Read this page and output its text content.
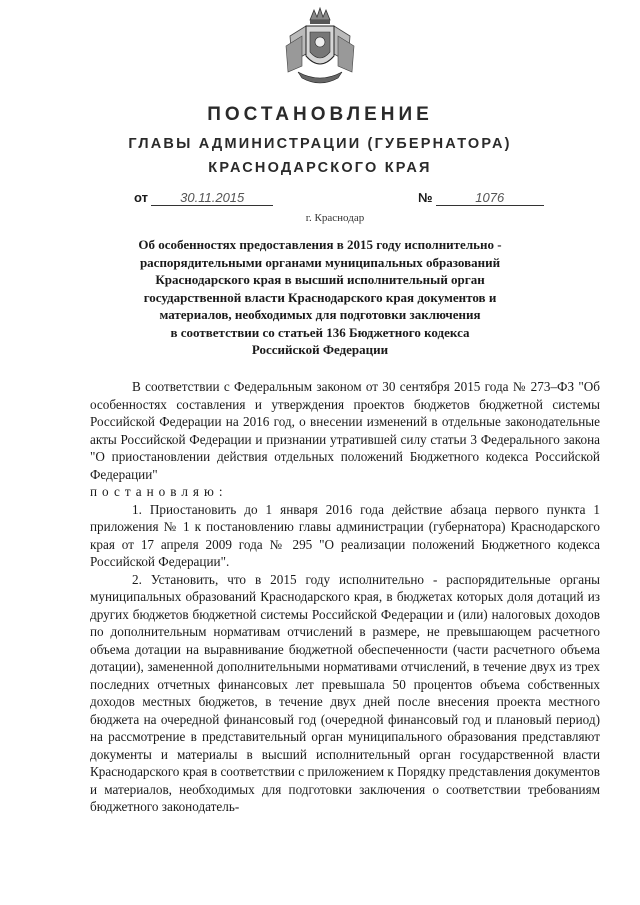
ПОСТАНОВЛЕНИЕ
ГЛАВЫ АДМИНИСТРАЦИИ (ГУБЕРНАТОРА)
КРАСНОДАРСКОГО КРАЯ
от 30.11.2015	№	1076
г. Краснодар
Об особенностях предоставления в 2015 году исполнительно -
распорядительными органами муниципальных образований
Краснодарского края в высший исполнительный орган
государственной власти Краснодарского края документов и
материалов, необходимых для подготовки заключения
в соответствии со статьей 136 Бюджетного кодекса
Российской Федерации

В соответствии с Федеральным законом от 30 сентября 2015 года № 273–ФЗ "Об особенностях составления и утверждения проектов бюджетов бюджетной системы Российской Федерации на 2016 год, о внесении изменений в отдельные законодательные акты Российской Федерации и признании утратившей силу статьи 3 Федерального закона "О приостановлении действия отдельных положений Бюджетного кодекса Российской Федерации"

постановляю:

1. Приостановить до 1 января 2016 года действие абзаца первого пункта 1 приложения № 1 к постановлению главы администрации (губернатора) Краснодарского края от 17 апреля 2009 года № 295 "О реализации положений Бюджетного кодекса Российской Федерации".

2. Установить, что в 2015 году исполнительно - распорядительные органы муниципальных образований Краснодарского края, в бюджетах которых доля дотаций из других бюджетов бюджетной системы Российской Федерации и (или) налоговых доходов по дополнительным нормативам отчислений в размере, не превышающем расчетного объема дотации на выравнивание бюджетной обеспеченности (части расчетного объема дотации), замененной дополнительными нормативами отчислений, в течение двух из трех последних отчетных финансовых лет превышала 50 процентов объема собственных доходов местных бюджетов, в течение двух дней после внесения проекта местного бюджета на очередной финансовый год (очередной финансовый год и плановый период) на рассмотрение в представительный орган муниципального образования представляют документы и материалы в высший исполнительный орган государственной власти Краснодарского края в соответствии с приложением к Порядку представления документов и материалов, необходимых для подготовки заключения о соответствии требованиям бюджетного законодатель-
